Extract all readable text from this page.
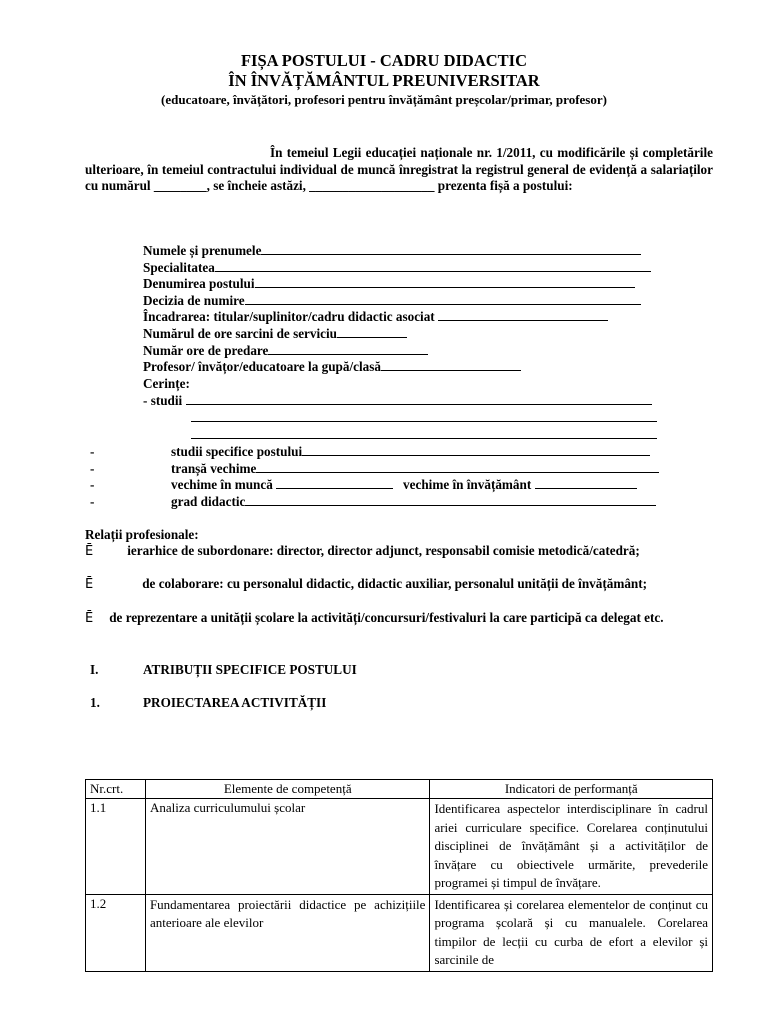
FIȘA POSTULUI - CADRU DIDACTIC
ÎN ÎNVĂȚĂMÂNTUL PREUNIVERSITAR
(educatoare, învățători, profesori pentru învățământ preșcolar/primar, profesor)
În temeiul Legii educației naționale nr. 1/2011, cu modificările și completările ulterioare, în temeiul contractului individual de muncă înregistrat la registrul general de evidență a salariaților cu numărul ________, se încheie astăzi, ___________________ prezenta fișă a postului:
Numele și prenumele
Specialitatea
Denumirea postului
Decizia de numire
Încadrarea: titular/suplinitor/cadru didactic asociat
Numărul de ore sarcini de serviciu
Număr ore de predare
Profesor/ învățor/educatoare la gupă/clasă
Cerințe:
- studii
-	studii specifice postului
-	tranșă vechime
-	vechime în muncă	vechime în învățământ
-	grad didactic
Relații profesionale:
Ē	ierarhice de subordonare: director, director adjunct, responsabil comisie metodică/catedră;
Ē	de colaborare: cu personalul didactic, didactic auxiliar, personalul unității de învățământ;
Ē de reprezentare a unității școlare la activități/concursuri/festivaluri la care participă ca delegat etc.
I.	ATRIBUȚII SPECIFICE POSTULUI
1.	PROIECTAREA ACTIVITĂȚII
Nr.crt.	Elemente de competență	Indicatori de performanță
1.1	Analiza curriculumului școlar	Identificarea aspectelor interdisciplinare în cadrul ariei curriculare specifice. Corelarea conținutului disciplinei de învățământ și a activităților de învățare cu obiectivele urmărite, prevederile programei și timpul de învățare.
1.2	Fundamentarea proiectării didactice pe achizițiile anterioare ale elevilor	Identificarea și corelarea elementelor de conținut cu programa școlară și cu manualele. Corelarea timpilor de lecții cu curba de efort a elevilor și sarcinile de
